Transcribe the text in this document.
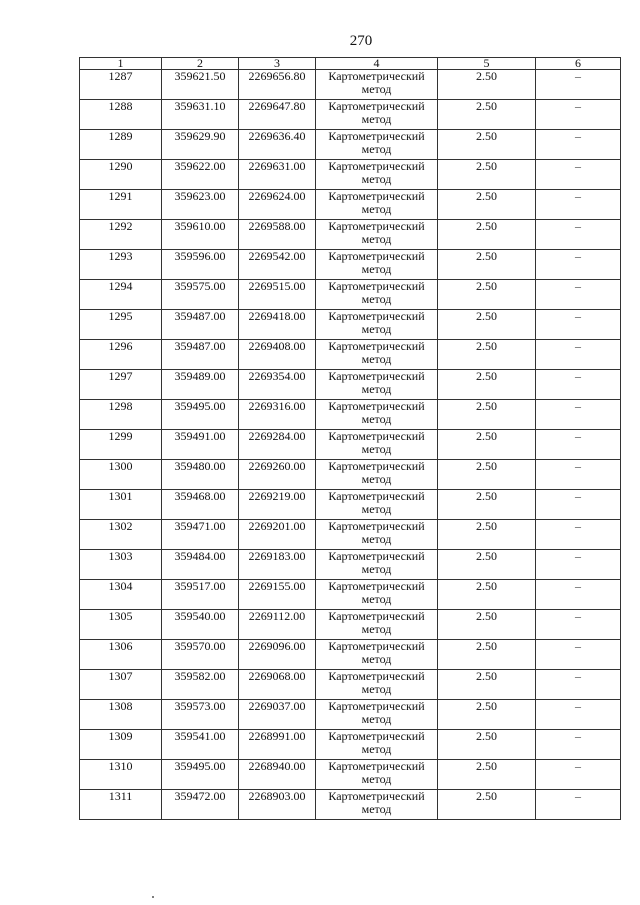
270
1	2	3	4	5	6
1287	359621.50	2269656.80	Картометрический метод	2.50	–
1288	359631.10	2269647.80	Картометрический метод	2.50	–
1289	359629.90	2269636.40	Картометрический метод	2.50	–
1290	359622.00	2269631.00	Картометрический метод	2.50	–
1291	359623.00	2269624.00	Картометрический метод	2.50	–
1292	359610.00	2269588.00	Картометрический метод	2.50	–
1293	359596.00	2269542.00	Картометрический метод	2.50	–
1294	359575.00	2269515.00	Картометрический метод	2.50	–
1295	359487.00	2269418.00	Картометрический метод	2.50	–
1296	359487.00	2269408.00	Картометрический метод	2.50	–
1297	359489.00	2269354.00	Картометрический метод	2.50	–
1298	359495.00	2269316.00	Картометрический метод	2.50	–
1299	359491.00	2269284.00	Картометрический метод	2.50	–
1300	359480.00	2269260.00	Картометрический метод	2.50	–
1301	359468.00	2269219.00	Картометрический метод	2.50	–
1302	359471.00	2269201.00	Картометрический метод	2.50	–
1303	359484.00	2269183.00	Картометрический метод	2.50	–
1304	359517.00	2269155.00	Картометрический метод	2.50	–
1305	359540.00	2269112.00	Картометрический метод	2.50	–
1306	359570.00	2269096.00	Картометрический метод	2.50	–
1307	359582.00	2269068.00	Картометрический метод	2.50	–
1308	359573.00	2269037.00	Картометрический метод	2.50	–
1309	359541.00	2268991.00	Картометрический метод	2.50	–
1310	359495.00	2268940.00	Картометрический метод	2.50	–
1311	359472.00	2268903.00	Картометрический метод	2.50	–
